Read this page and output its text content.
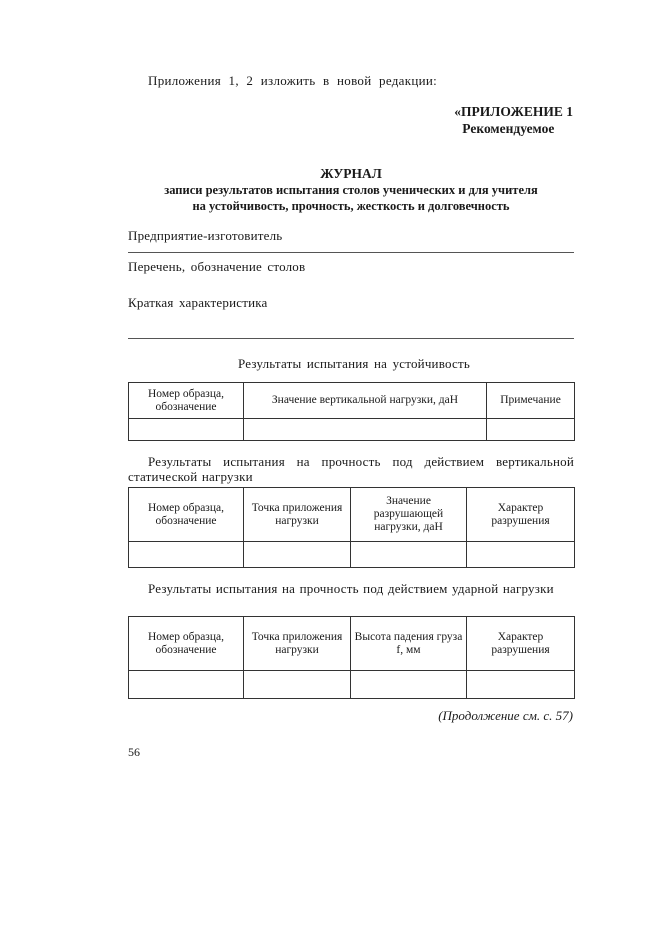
Приложения 1, 2 изложить в новой редакции:
«ПРИЛОЖЕНИЕ 1
Рекомендуемое
ЖУРНАЛ
записи результатов испытания столов ученических и для учителя
на устойчивость, прочность, жесткость и долговечность
Предприятие-изготовитель
Перечень, обозначение столов
Краткая характеристика
Результаты испытания на устойчивость
Номер образца, обозначение	Значение вертикальной нагрузки, даН	Примечание

Результаты испытания на прочность под действием вертикальной статической нагрузки
Номер образца, обозначение	Точка приложения нагрузки	Значение разрушающей нагрузки, даН	Характер разрушения

Результаты испытания на прочность под действием ударной нагрузки
Номер образца, обозначение	Точка приложения нагрузки	Высота падения груза f, мм	Характер разрушения

(Продолжение см. с. 57)
56
